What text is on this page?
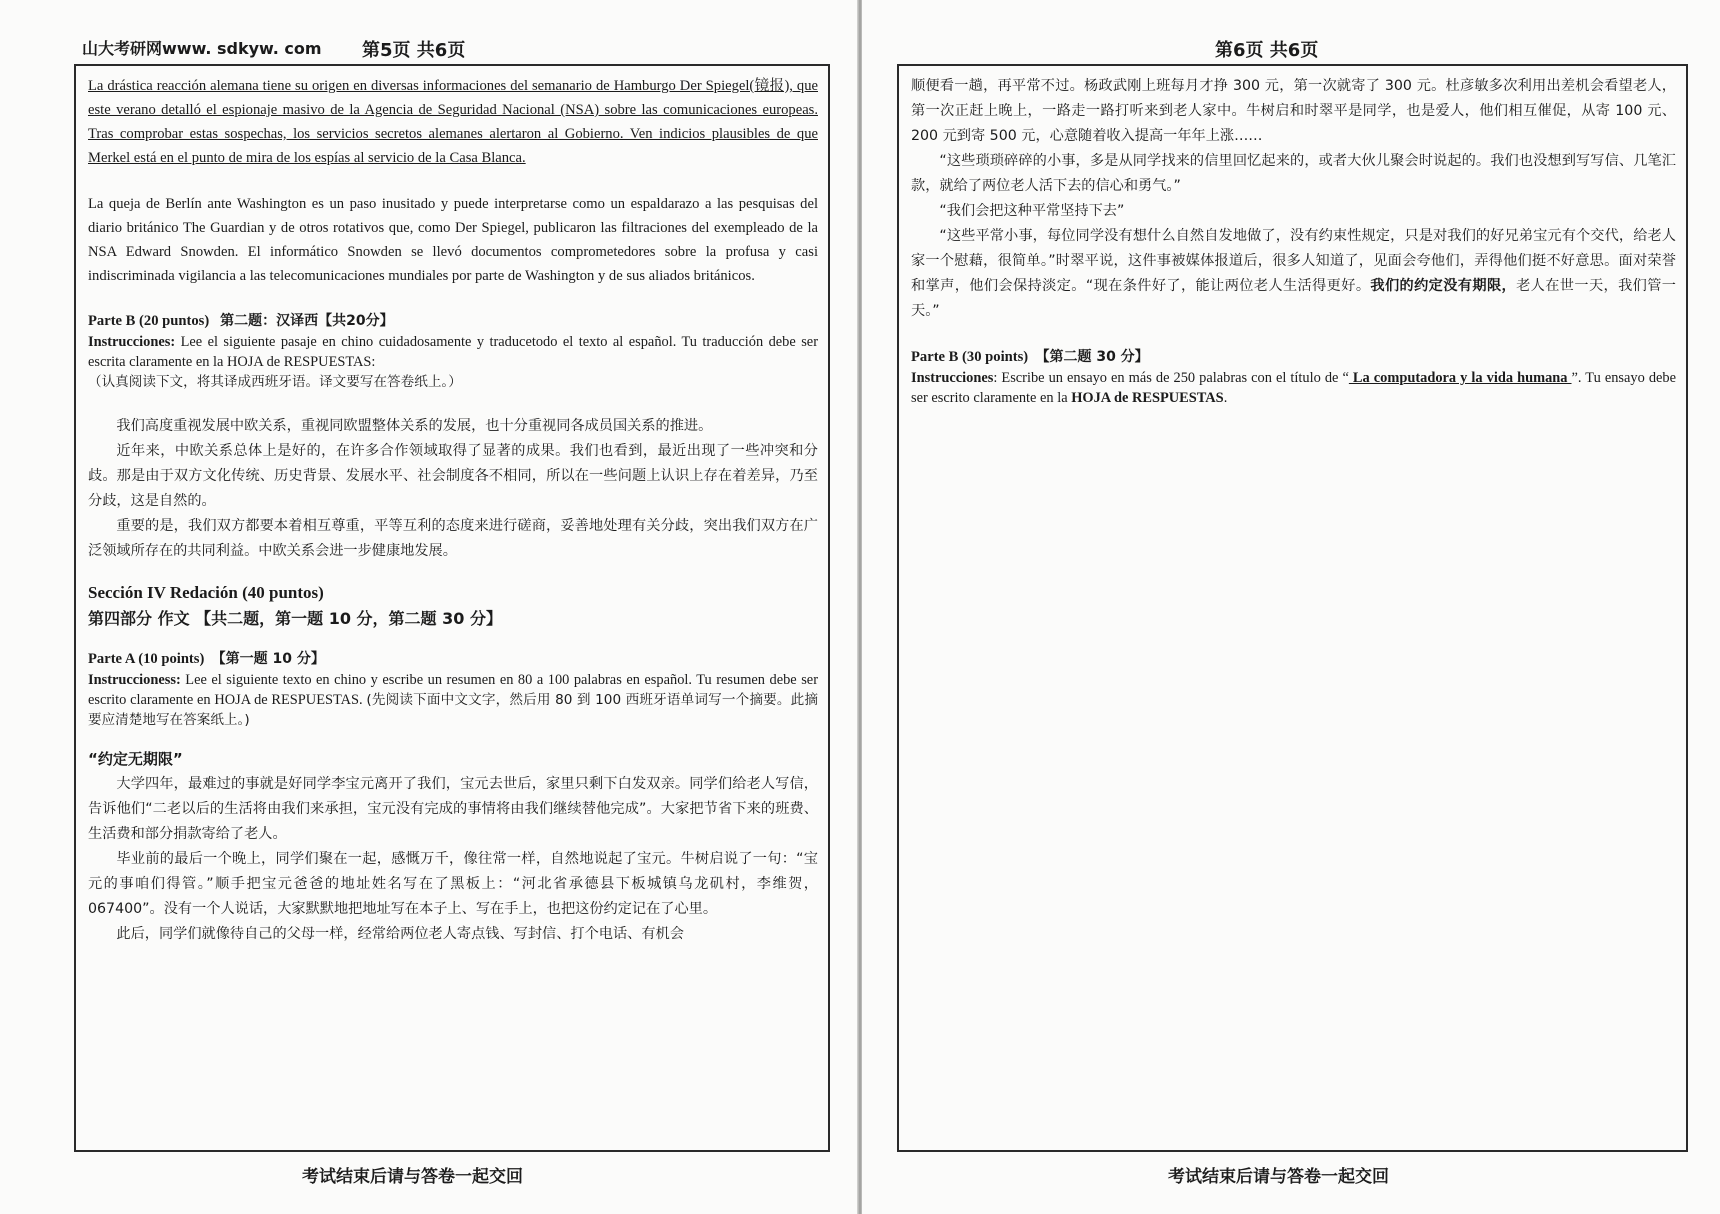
山大考研网www. sdkyw. com 第5页 共6页

La drástica reacción alemana tiene su origen en diversas informaciones del semanario de Hamburgo Der Spiegel(镜报), que este verano detalló el espionaje masivo de la Agencia de Seguridad Nacional (NSA) sobre las comunicaciones europeas. Tras comprobar estas sospechas, los servicios secretos alemanes alertaron al Gobierno. Ven indicios plausibles de que Merkel está en el punto de mira de los espías al servicio de la Casa Blanca.

La queja de Berlín ante Washington es un paso inusitado y puede interpretarse como un espaldarazo a las pesquisas del diario británico The Guardian y de otros rotativos que, como Der Spiegel, publicaron las filtraciones del exempleado de la NSA Edward Snowden. El informático Snowden se llevó documentos comprometedores sobre la profusa y casi indiscriminada vigilancia a las telecomunicaciones mundiales por parte de Washington y de sus aliados británicos.

Parte B (20 puntos) 第二题：汉译西【共20分】

Instrucciones: Lee el siguiente pasaje en chino cuidadosamente y traducetodo el texto al español. Tu traducción debe ser escrita claramente en la HOJA de RESPUESTAS:

（认真阅读下文，将其译成西班牙语。译文要写在答卷纸上。）

我们高度重视发展中欧关系，重视同欧盟整体关系的发展，也十分重视同各成员国关系的推进。

近年来，中欧关系总体上是好的，在许多合作领域取得了显著的成果。我们也看到，最近出现了一些冲突和分歧。那是由于双方文化传统、历史背景、发展水平、社会制度各不相同，所以在一些问题上认识上存在着差异，乃至分歧，这是自然的。

重要的是，我们双方都要本着相互尊重，平等互利的态度来进行磋商，妥善地处理有关分歧，突出我们双方在广泛领域所存在的共同利益。中欧关系会进一步健康地发展。

Sección IV Redación (40 puntos)

第四部分 作文 【共二题，第一题 10 分，第二题 30 分】

Parte A (10 points) 【第一题 10 分】

Instruccioness: Lee el siguiente texto en chino y escribe un resumen en 80 a 100 palabras en español. Tu resumen debe ser escrito claramente en HOJA de RESPUESTAS. (先阅读下面中文文字，然后用 80 到 100 西班牙语单词写一个摘要。此摘要应清楚地写在答案纸上。)

“约定无期限”

大学四年，最难过的事就是好同学李宝元离开了我们，宝元去世后，家里只剩下白发双亲。同学们给老人写信，告诉他们“二老以后的生活将由我们来承担，宝元没有完成的事情将由我们继续替他完成”。大家把节省下来的班费、生活费和部分捐款寄给了老人。

毕业前的最后一个晚上，同学们聚在一起，感慨万千，像往常一样，自然地说起了宝元。牛树启说了一句：“宝元的事咱们得管。”顺手把宝元爸爸的地址姓名写在了黑板上：“河北省承德县下板城镇乌龙矶村，李维贺，067400”。没有一个人说话，大家默默地把地址写在本子上、写在手上，也把这份约定记在了心里。

此后，同学们就像待自己的父母一样，经常给两位老人寄点钱、写封信、打个电话、有机会

考试结束后请与答卷一起交回
第6页 共6页

顺便看一趟，再平常不过。杨政武刚上班每月才挣 300 元，第一次就寄了 300 元。杜彦敏多次利用出差机会看望老人，第一次正赶上晚上，一路走一路打听来到老人家中。牛树启和时翠平是同学，也是爱人，他们相互催促，从寄 100 元、200 元到寄 500 元，心意随着收入提高一年年上涨……

“这些琐琐碎碎的小事，多是从同学找来的信里回忆起来的，或者大伙儿聚会时说起的。我们也没想到写写信、几笔汇款，就给了两位老人活下去的信心和勇气。”

“我们会把这种平常坚持下去”

“这些平常小事，每位同学没有想什么自然自发地做了，没有约束性规定，只是对我们的好兄弟宝元有个交代，给老人家一个慰藉，很简单。”时翠平说，这件事被媒体报道后，很多人知道了，见面会夸他们，弄得他们挺不好意思。面对荣誉和掌声，他们会保持淡定。“现在条件好了，能让两位老人生活得更好。我们的约定没有期限，老人在世一天，我们管一天。”

Parte B (30 points) 【第二题 30 分】

Instrucciones: Escribe un ensayo en más de 250 palabras con el título de “ La computadora y la vida humana ”. Tu ensayo debe ser escrito claramente en la HOJA de RESPUESTAS.

考试结束后请与答卷一起交回
